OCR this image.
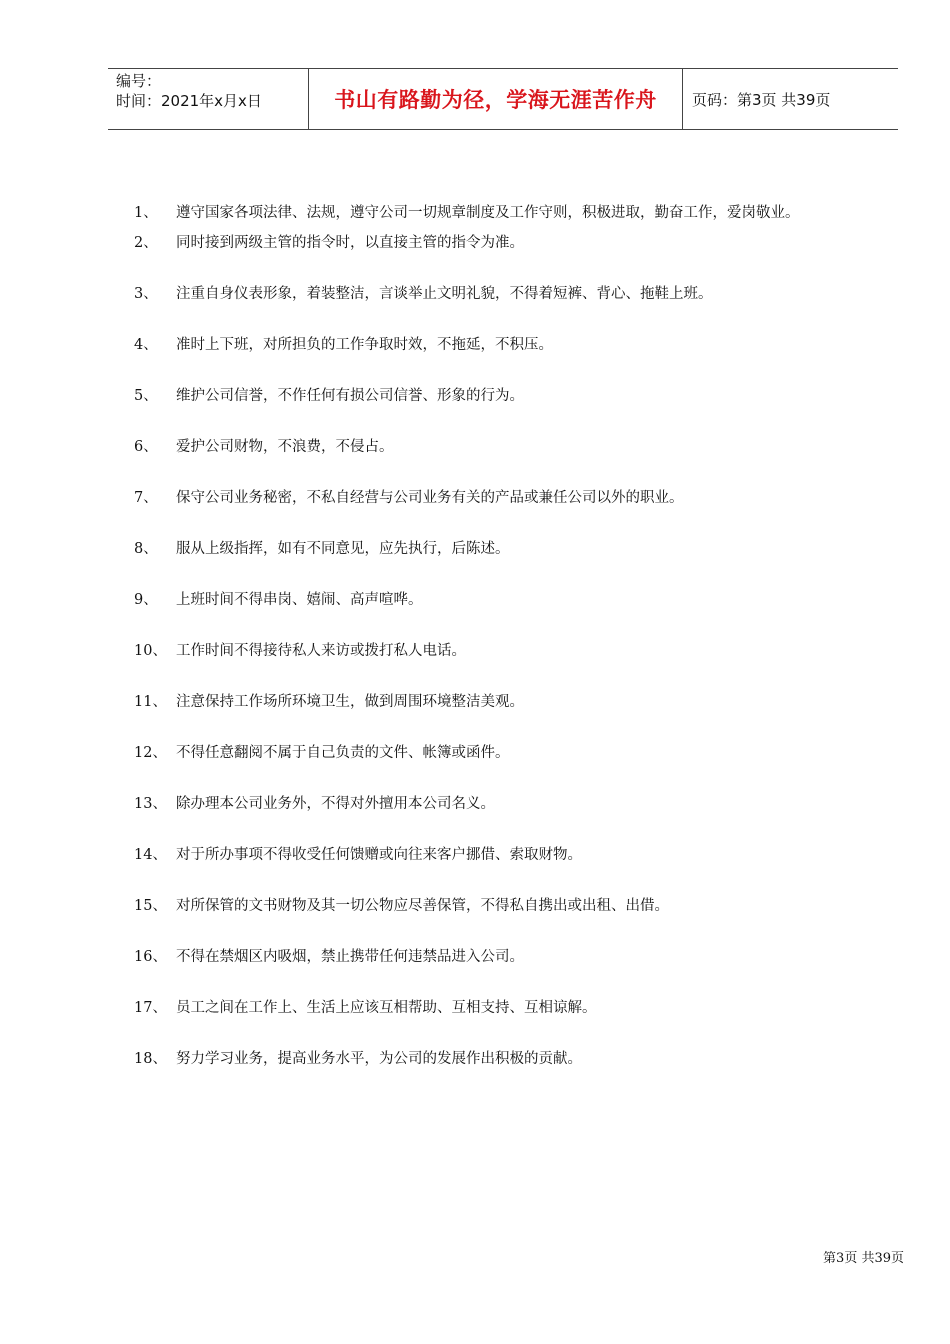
编号：
时间：2021年x月x日	书山有路勤为径，学海无涯苦作舟 页码：第3页 共39页
1、 遵守国家各项法律、法规，遵守公司一切规章制度及工作守则，积极进取，勤奋工作，爱岗敬业。
2、 同时接到两级主管的指令时，以直接主管的指令为准。
3、 注重自身仪表形象，着装整洁，言谈举止文明礼貌，不得着短裤、背心、拖鞋上班。
4、 准时上下班，对所担负的工作争取时效，不拖延，不积压。
5、 维护公司信誉，不作任何有损公司信誉、形象的行为。
6、 爱护公司财物，不浪费，不侵占。
7、 保守公司业务秘密，不私自经营与公司业务有关的产品或兼任公司以外的职业。
8、 服从上级指挥，如有不同意见，应先执行，后陈述。
9、 上班时间不得串岗、嬉闹、高声喧哗。
10、 工作时间不得接待私人来访或拨打私人电话。
11、 注意保持工作场所环境卫生，做到周围环境整洁美观。
12、 不得任意翻阅不属于自己负责的文件、帐簿或函件。
13、 除办理本公司业务外，不得对外擅用本公司名义。
14、 对于所办事项不得收受任何馈赠或向往来客户挪借、索取财物。
15、 对所保管的文书财物及其一切公物应尽善保管，不得私自携出或出租、出借。
16、 不得在禁烟区内吸烟，禁止携带任何违禁品进入公司。
17、 员工之间在工作上、生活上应该互相帮助、互相支持、互相谅解。
18、 努力学习业务，提高业务水平，为公司的发展作出积极的贡献。
第3页 共39页
